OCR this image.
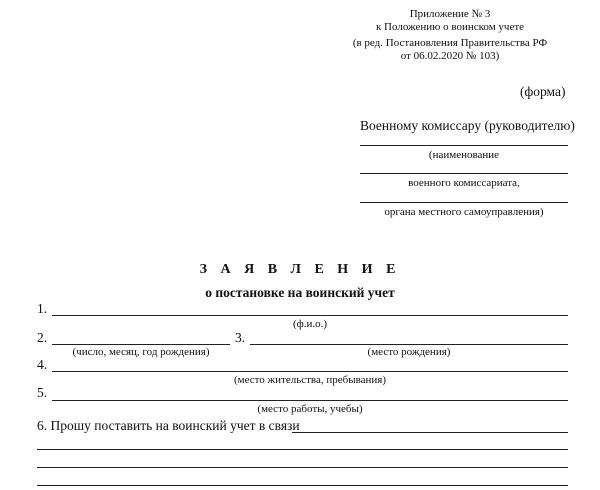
Приложение № 3
к Положению о воинском учете
(в ред. Постановления Правительства РФ
от 06.02.2020 № 103)
(форма)
Военному комиссару (руководителю)
(наименование
военного комиссариата,
органа местного самоуправления)
З А Я В Л Е Н И Е
о постановке на воинский учет
1.
(ф.и.о.)
2.
(число, месяц, год рождения)
3.
(место рождения)
4.
(место жительства, пребывания)
5.
(место работы, учебы)
6. Прошу поставить на воинский учет в связи
